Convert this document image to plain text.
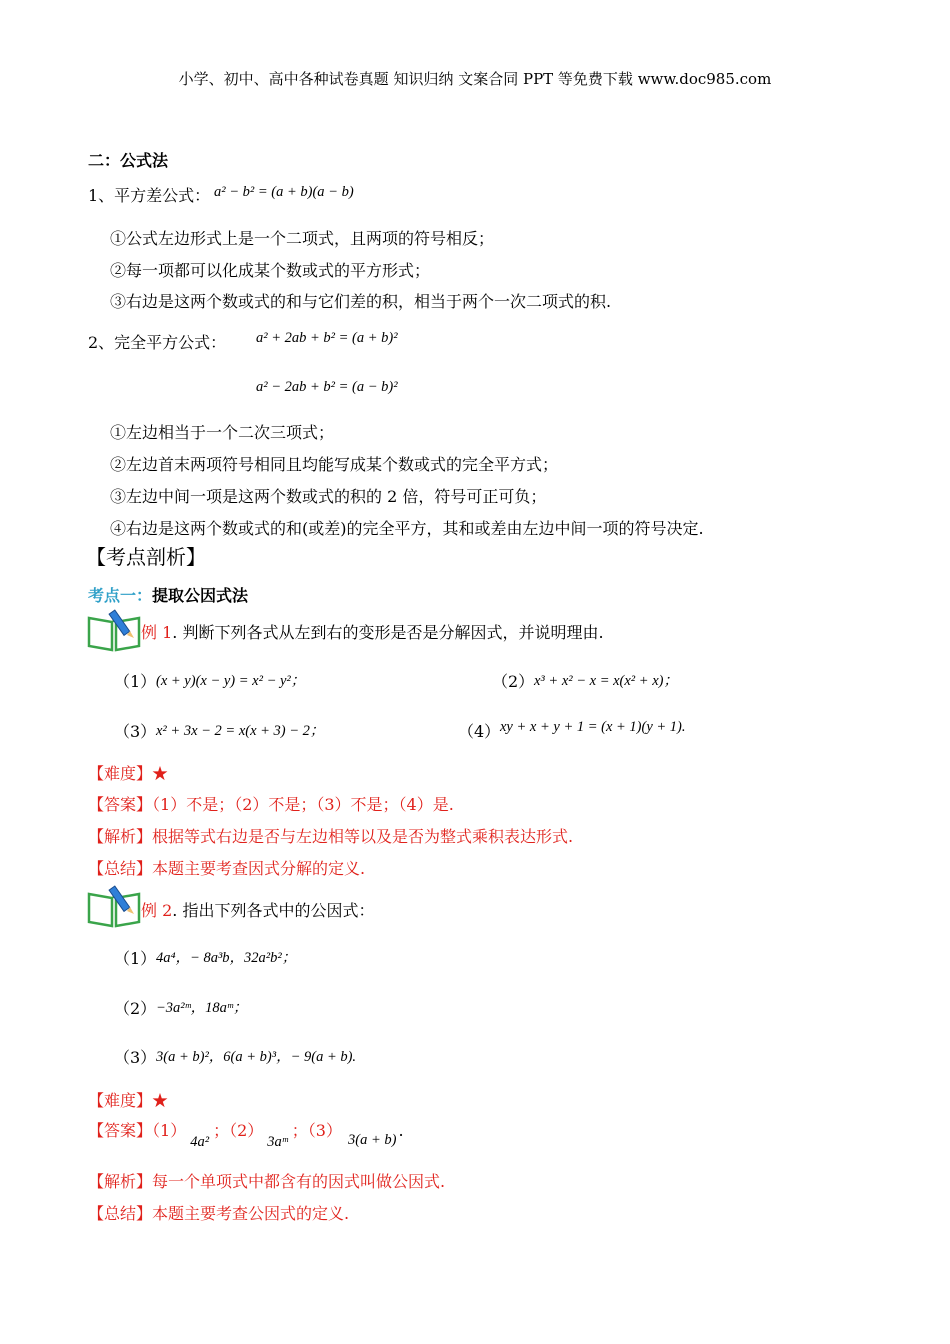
小学、初中、高中各种试卷真题 知识归纳 文案合同 PPT 等免费下载 www.doc985.com
二：公式法
1、平方差公式： a² − b² = (a + b)(a − b)
①公式左边形式上是一个二项式，且两项的符号相反；
②每一项都可以化成某个数或式的平方形式；
③右边是这两个数或式的和与它们差的积，相当于两个一次二项式的积.
2、完全平方公式： a² + 2ab + b² = (a + b)²
a² − 2ab + b² = (a − b)²
①左边相当于一个二次三项式；
②左边首末两项符号相同且均能写成某个数或式的完全平方式；
③左边中间一项是这两个数或式的积的 2 倍，符号可正可负；
④右边是这两个数或式的和(或差)的完全平方，其和或差由左边中间一项的符号决定.
【考点剖析】
考点一：提取公因式法
例 1. 判断下列各式从左到右的变形是否是分解因式，并说明理由.
（1） (x + y)(x − y) = x² − y²；	（2） x³ + x² − x = x(x² + x)；
（3） x² + 3x − 2 = x(x + 3) − 2；	（4） xy + x + y + 1 = (x + 1)(y + 1).
【难度】★
【答案】（1）不是；（2）不是；（3）不是；（4）是.
【解析】根据等式右边是否与左边相等以及是否为整式乘积表达形式.
【总结】本题主要考查因式分解的定义.
例 2. 指出下列各式中的公因式：
（1） 4a⁴，− 8a³b，32a²b²；
（2） −3a²ᵐ，18aᵐ；
（3） 3(a + b)²，6(a + b)³，− 9(a + b).
【难度】★
【答案】（1）4a²；（2）3aᵐ；（3） 3(a + b) .
【解析】每一个单项式中都含有的因式叫做公因式.
【总结】本题主要考查公因式的定义.
